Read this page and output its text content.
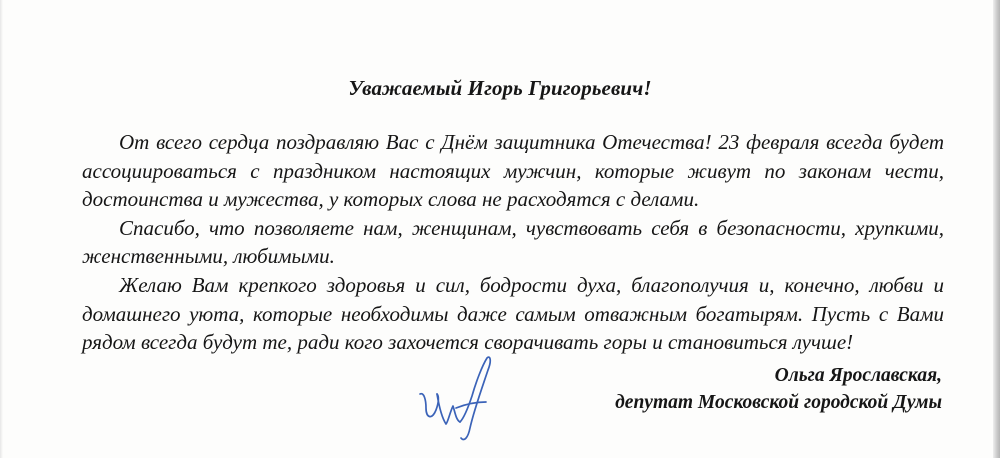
Уважаемый Игорь Григорьевич!

От всего сердца поздравляю Вас с Днём защитника Отечества! 23 февраля всегда будет ассоциироваться с праздником настоящих мужчин, которые живут по законам чести, достоинства и мужества, у которых слова не расходятся с делами.

Спасибо, что позволяете нам, женщинам, чувствовать себя в безопасности, хрупкими, женственными, любимыми.

Желаю Вам крепкого здоровья и сил, бодрости духа, благополучия и, конечно, любви и домашнего уюта, которые необходимы даже самым отважным богатырям. Пусть с Вами рядом всегда будут те, ради кого захочется сворачивать горы и становиться лучше!

Ольга Ярославская,
депутат Московской городской Думы
